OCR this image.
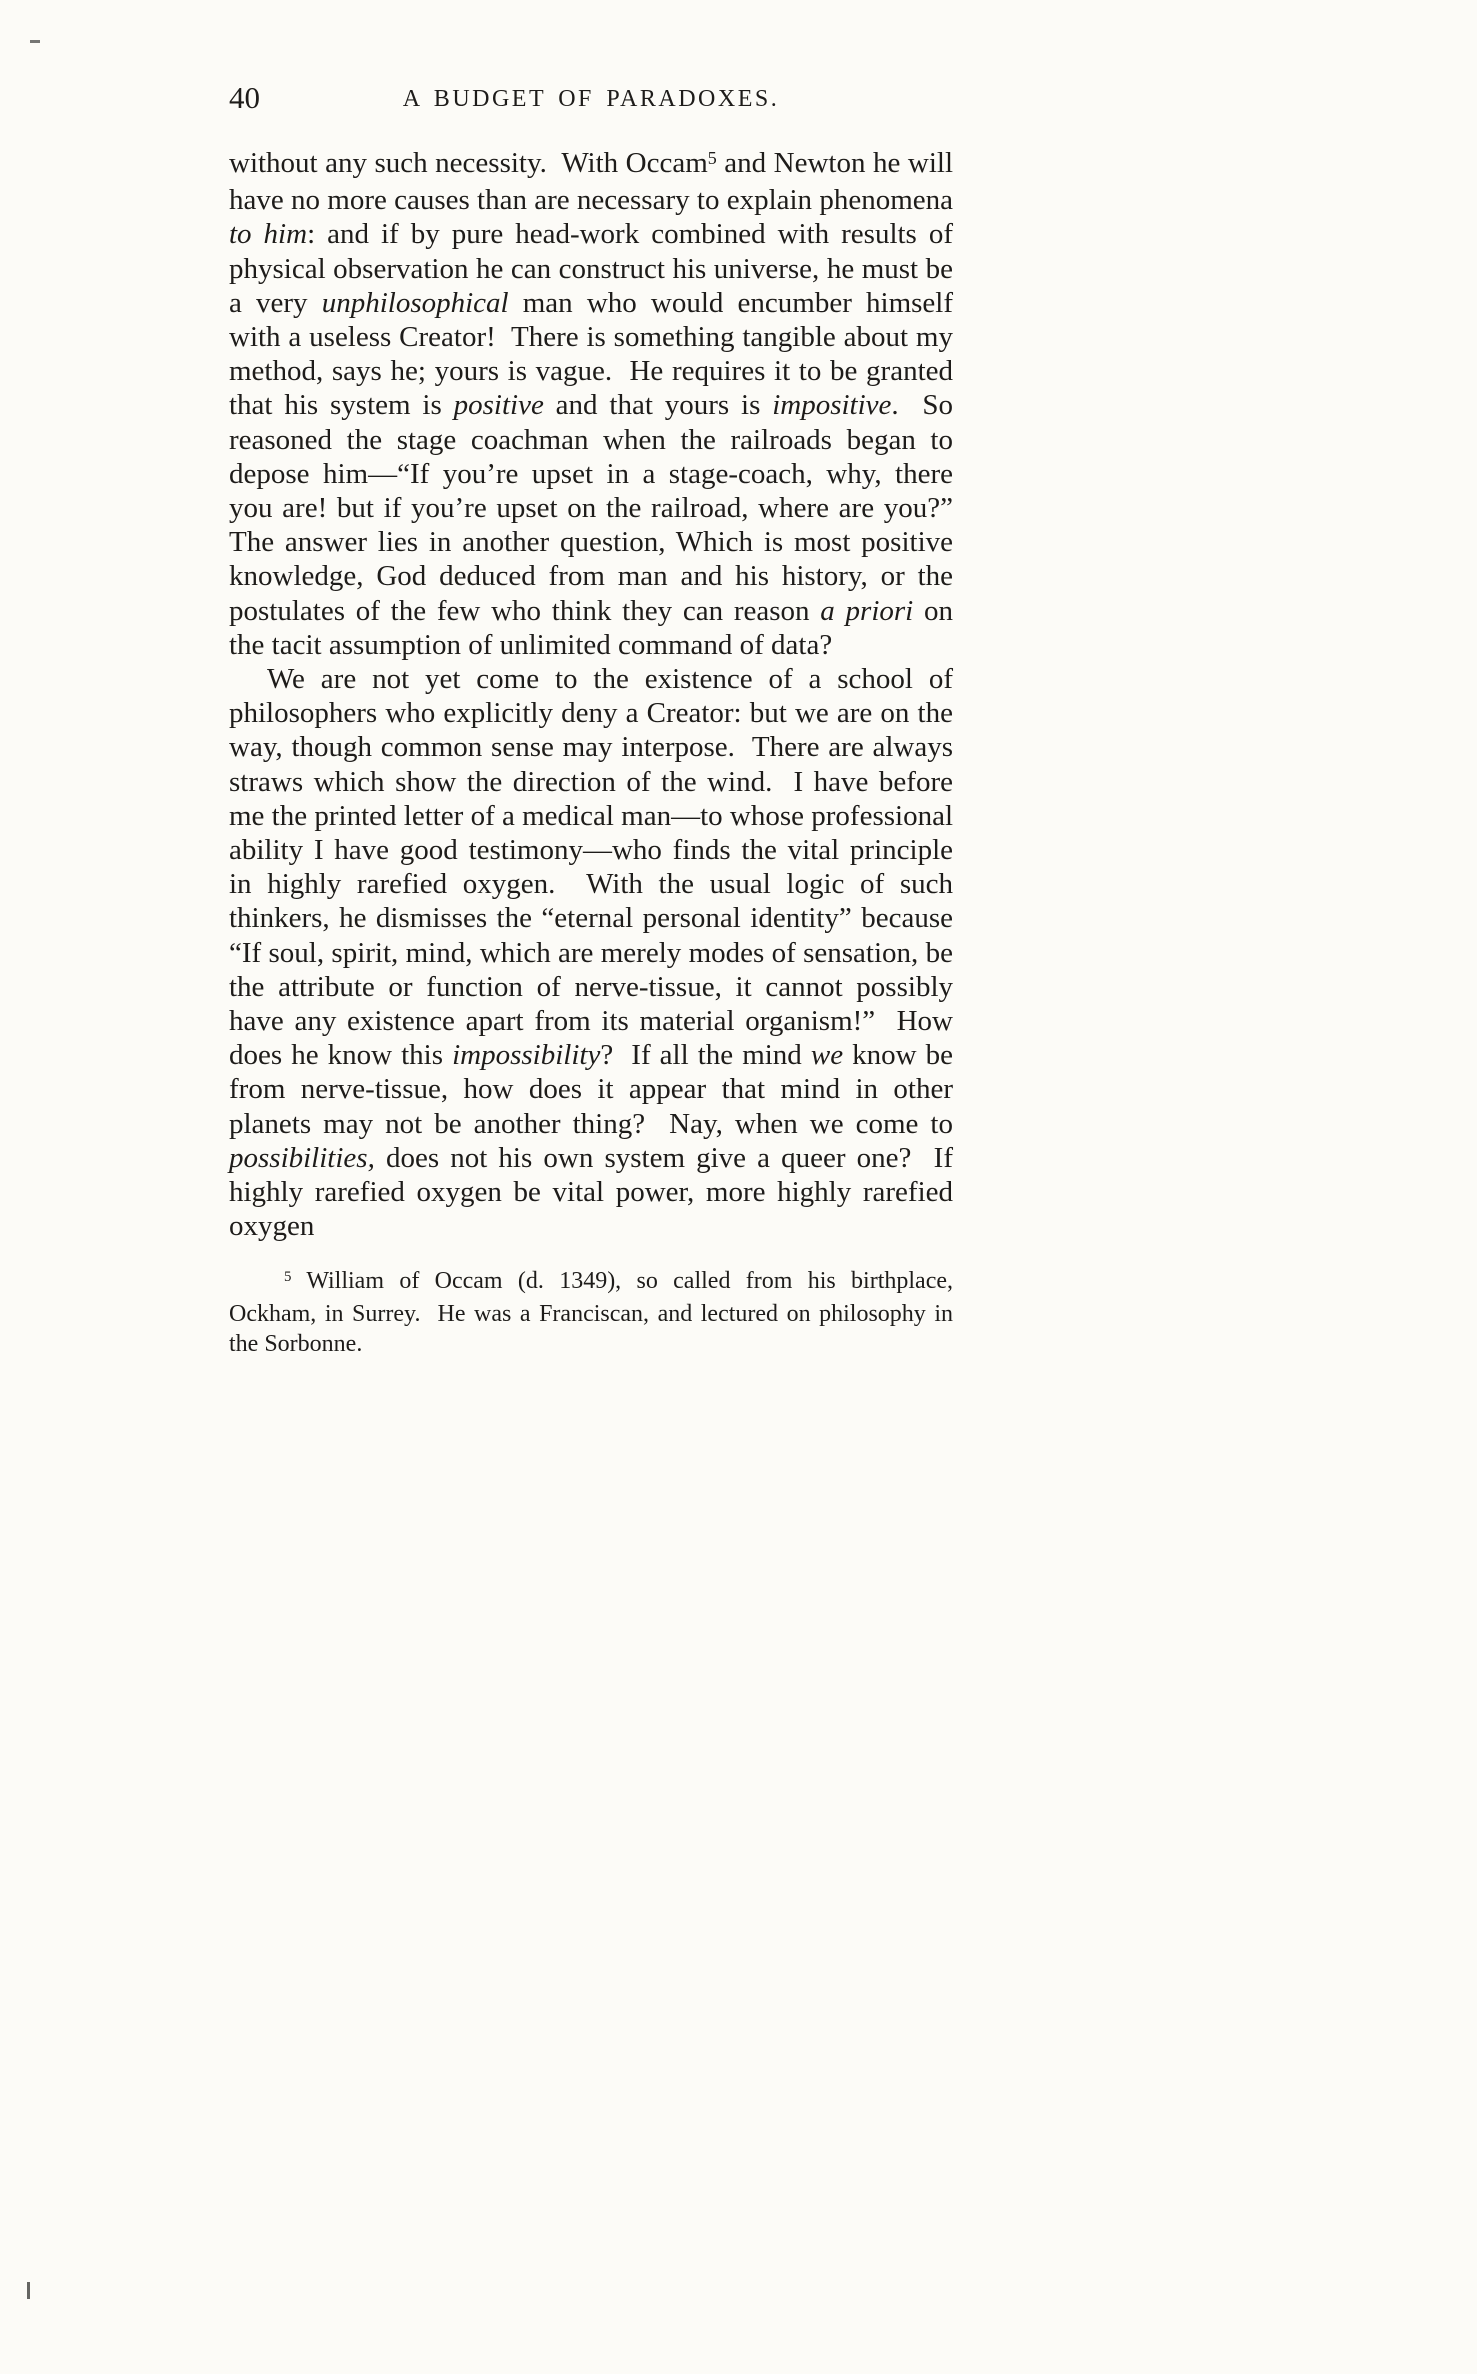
40	A BUDGET OF PARADOXES.

without any such necessity.  With Occam$^5$ and Newton he will have no more causes than are necessary to explain phenomena to him: and if by pure head-work combined with results of physical observation he can construct his universe, he must be a very unphilosophical man who would encumber himself with a useless Creator!  There is something tangible about my method, says he; yours is vague.  He requires it to be granted that his system is positive and that yours is impositive.  So reasoned the stage coachman when the railroads began to depose him—“If you’re upset in a stage-coach, why, there you are! but if you’re upset on the railroad, where are you?”  The answer lies in another question, Which is most positive knowledge, God deduced from man and his history, or the postulates of the few who think they can reason a priori on the tacit assumption of unlimited command of data?

We are not yet come to the existence of a school of philosophers who explicitly deny a Creator: but we are on the way, though common sense may interpose.  There are always straws which show the direction of the wind.  I have before me the printed letter of a medical man—to whose professional ability I have good testimony—who finds the vital principle in highly rarefied oxygen.  With the usual logic of such thinkers, he dismisses the “eternal personal identity” because “If soul, spirit, mind, which are merely modes of sensation, be the attribute or function of nerve-tissue, it cannot possibly have any existence apart from its material organism!”  How does he know this impossibility?  If all the mind we know be from nerve-tissue, how does it appear that mind in other planets may not be another thing?  Nay, when we come to possibilities, does not his own system give a queer one?  If highly rarefied oxygen be vital power, more highly rarefied oxygen

$^5$ William of Occam (d. 1349), so called from his birthplace, Ockham, in Surrey.  He was a Franciscan, and lectured on philosophy in the Sorbonne.
